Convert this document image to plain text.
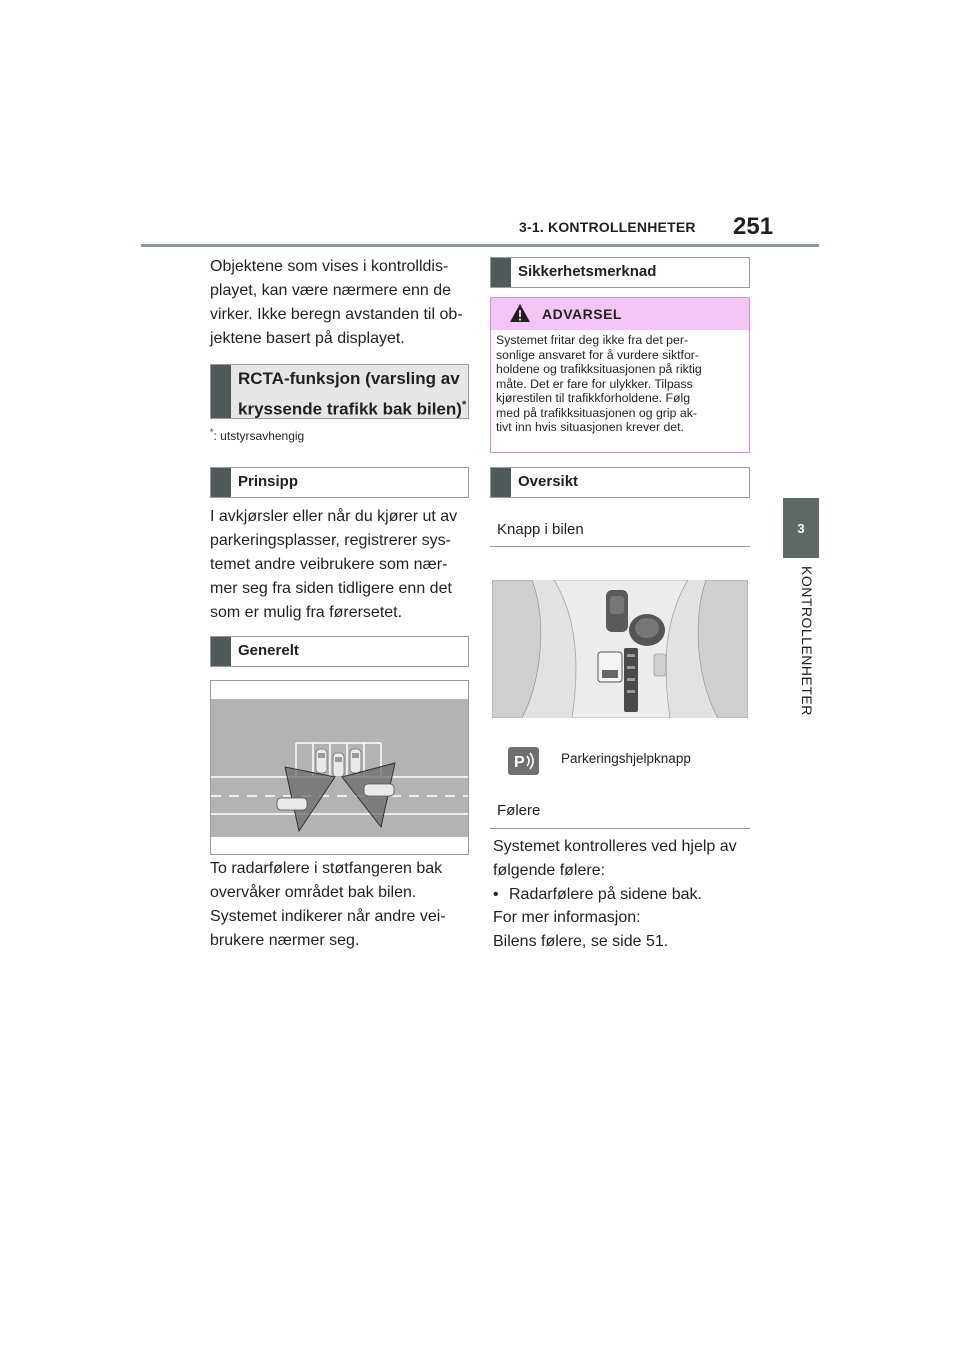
3-1. KONTROLLENHETER 251
3
KONTROLLENHETER
Objektene som vises i kontrolldis-
playet, kan være nærmere enn de
virker. Ikke beregn avstanden til ob-
jektene basert på displayet.
RCTA-funksjon (varsling av
kryssende trafikk bak bilen)*
*: utstyrsavhengig
Prinsipp
I avkjørsler eller når du kjører ut av
parkeringsplasser, registrerer sys-
temet andre veibrukere som nær-
mer seg fra siden tidligere enn det
som er mulig fra førersetet.
Generelt
To radarfølere i støtfangeren bak
overvåker området bak bilen.
Systemet indikerer når andre vei-
brukere nærmer seg.
Sikkerhetsmerknad
ADVARSEL
Systemet fritar deg ikke fra det per-
sonlige ansvaret for å vurdere siktfor-
holdene og trafikksituasjonen på riktig
måte. Det er fare for ulykker. Tilpass
kjørestilen til trafikkforholdene. Følg
med på trafikksituasjonen og grip ak-
tivt inn hvis situasjonen krever det.
Oversikt
Knapp i bilen
P	Parkeringshjelpknapp
Følere
Systemet kontrolleres ved hjelp av
følgende følere:
• Radarfølere på sidene bak.
For mer informasjon:
Bilens følere, se side 51.
